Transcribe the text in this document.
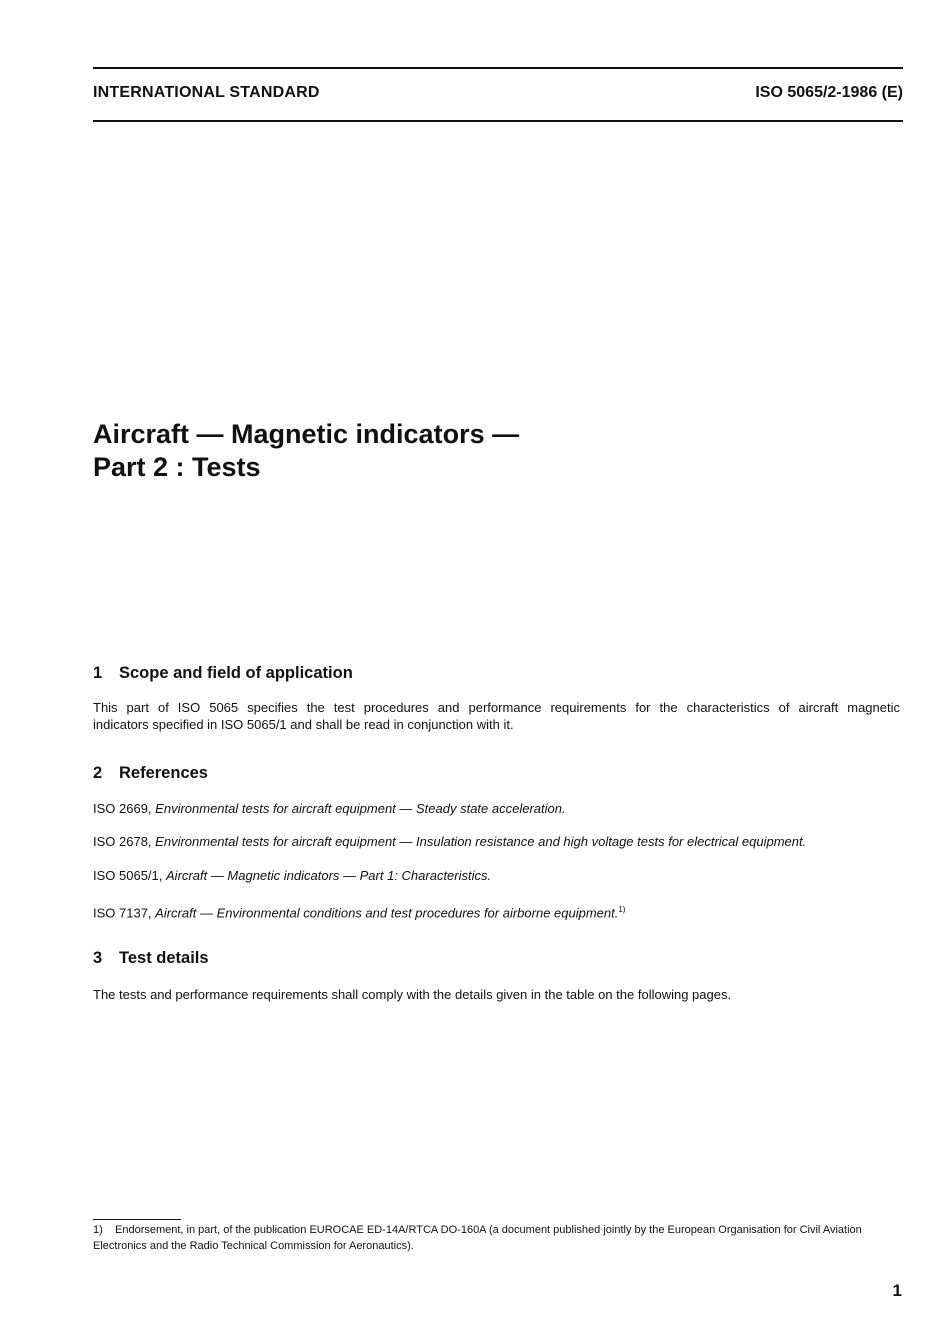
INTERNATIONAL STANDARD	ISO 5065/2-1986 (E)
Aircraft — Magnetic indicators —
Part 2 : Tests
1 Scope and field of application

This part of ISO 5065 specifies the test procedures and performance requirements for the characteristics of aircraft magnetic
indicators specified in ISO 5065/1 and shall be read in conjunction with it.

2 References
ISO 2669, Environmental tests for aircraft equipment — Steady state acceleration.
ISO 2678, Environmental tests for aircraft equipment — Insulation resistance and high voltage tests for electrical equipment.
ISO 5065/1, Aircraft — Magnetic indicators — Part 1: Characteristics.
ISO 7137, Aircraft — Environmental conditions and test procedures for airborne equipment.$^{1)}$
3 Test details

The tests and performance requirements shall comply with the details given in the table on the following pages.

1) Endorsement, in part, of the publication EUROCAE ED-14A/RTCA DO-160A (a document published jointly by the European Organisation for Civil Aviation Electronics and the Radio Technical Commission for Aeronautics).

1
